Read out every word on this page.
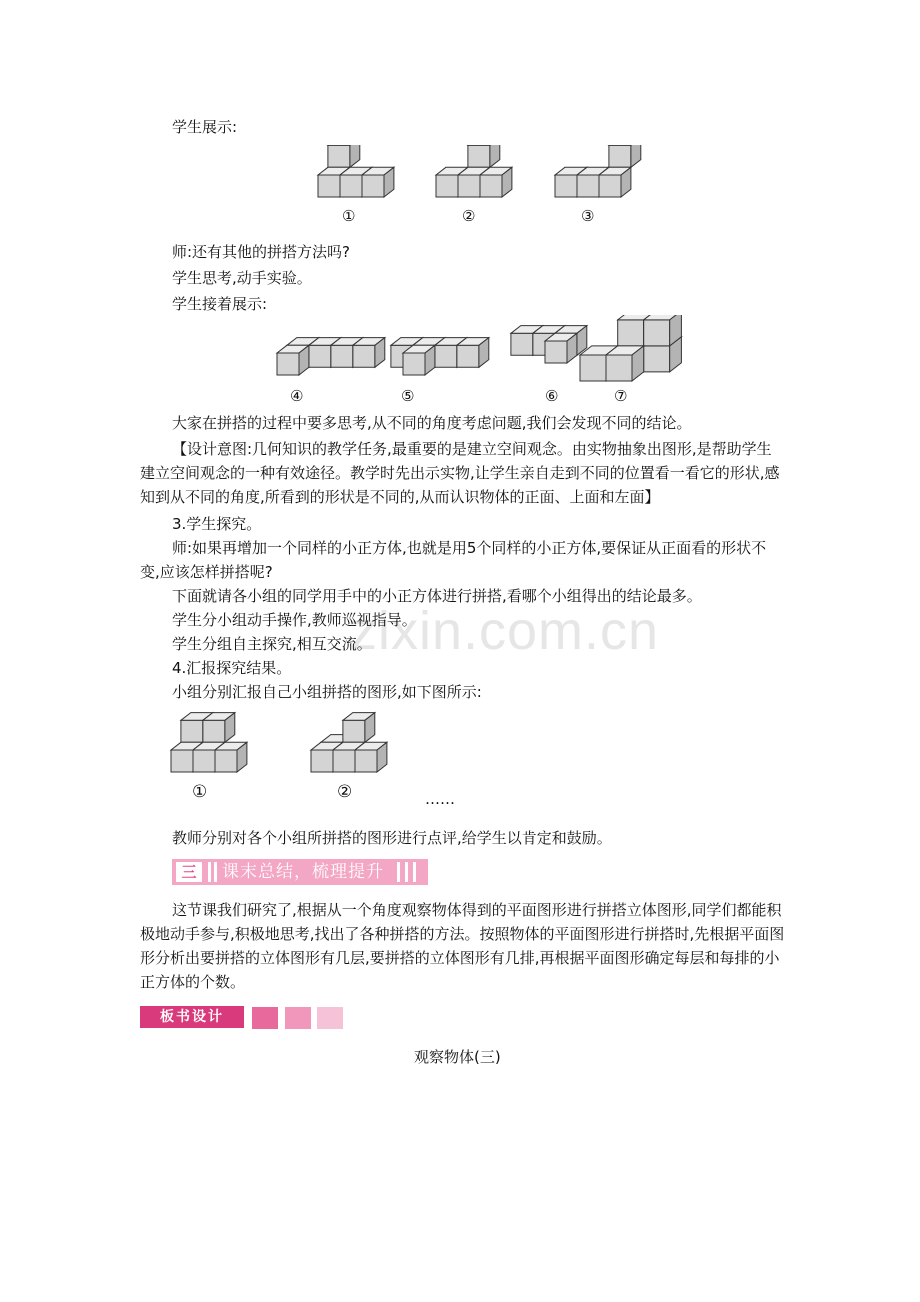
zixin.com.cn
学生展示:
①	②	③
师:还有其他的拼搭方法吗?
学生思考,动手实验。
学生接着展示:
④	⑤	⑥	⑦
大家在拼搭的过程中要多思考,从不同的角度考虑问题,我们会发现不同的结论。

【设计意图:几何知识的教学任务,最重要的是建立空间观念。由实物抽象出图形,是帮助学生建立空间观念的一种有效途径。教学时先出示实物,让学生亲自走到不同的位置看一看它的形状,感知到从不同的角度,所看到的形状是不同的,从而认识物体的正面、上面和左面】

3.学生探究。

师:如果再增加一个同样的小正方体,也就是用5个同样的小正方体,要保证从正面看的形状不变,应该怎样拼搭呢?

下面就请各小组的同学用手中的小正方体进行拼搭,看哪个小组得出的结论最多。
学生分小组动手操作,教师巡视指导。
学生分组自主探究,相互交流。
4.汇报探究结果。
小组分别汇报自己小组拼搭的图形,如下图所示:
①	②	……
教师分别对各个小组所拼搭的图形进行点评,给学生以肯定和鼓励。
三	课末总结，梳理提升

这节课我们研究了,根据从一个角度观察物体得到的平面图形进行拼搭立体图形,同学们都能积极地动手参与,积极地思考,找出了各种拼搭的方法。按照物体的平面图形进行拼搭时,先根据平面图形分析出要拼搭的立体图形有几层,要拼搭的立体图形有几排,再根据平面图形确定每层和每排的小正方体的个数。

板书设计
观察物体(三)
